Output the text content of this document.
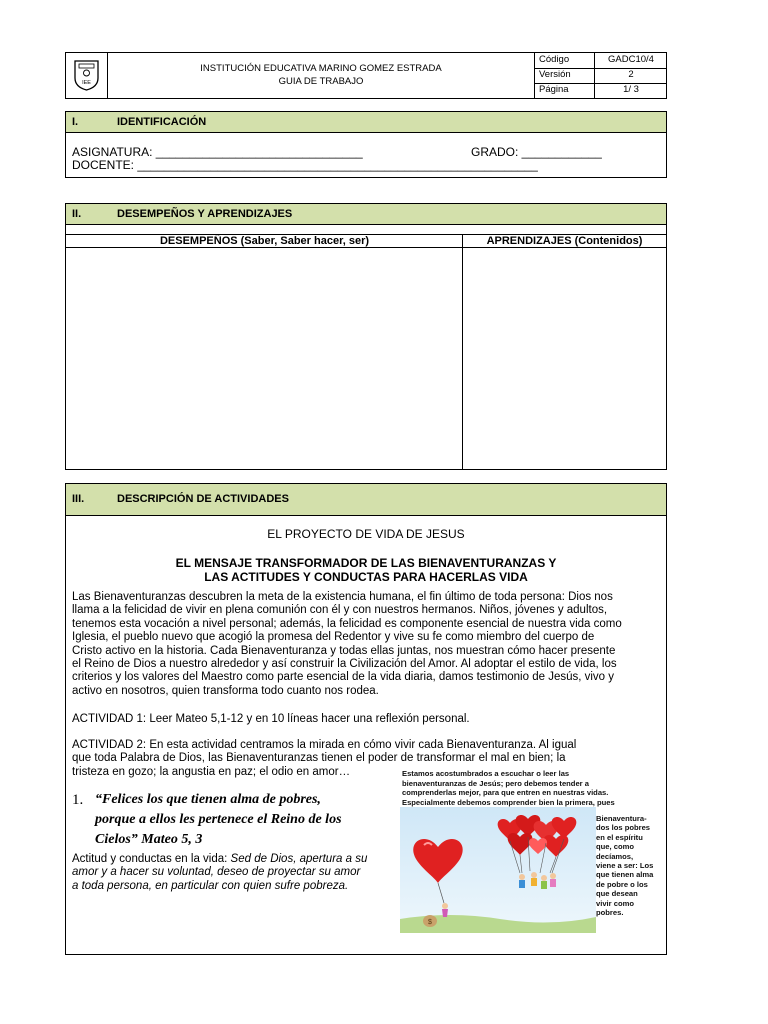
IEE
INSTITUCIÓN EDUCATIVA MARINO GOMEZ ESTRADA
GUIA DE TRABAJO
Código	GADC10/4
Versión	2
Página	1/ 3
I.	IDENTIFICACIÓN
ASIGNATURA: _______________________________	GRADO: ____________
DOCENTE: ____________________________________________________________
II.	DESEMPEÑOS Y APRENDIZAJES
DESEMPEÑOS (Saber, Saber hacer, ser)	APRENDIZAJES (Contenidos)
III.	DESCRIPCIÓN DE ACTIVIDADES
EL PROYECTO DE VIDA DE JESUS
EL MENSAJE TRANSFORMADOR DE LAS BIENAVENTURANZAS Y
LAS ACTITUDES Y CONDUCTAS PARA HACERLAS VIDA
Las Bienaventuranzas descubren la meta de la existencia humana, el fin último de toda persona: Dios nos
llama a la felicidad de vivir en plena comunión con él y con nuestros hermanos. Niños, jóvenes y adultos,
tenemos esta vocación a nivel personal; además, la felicidad es componente esencial de nuestra vida como
Iglesia, el pueblo nuevo que acogió la promesa del Redentor y vive su fe como miembro del cuerpo de
Cristo activo en la historia. Cada Bienaventuranza y todas ellas juntas, nos muestran cómo hacer presente
el Reino de Dios a nuestro alrededor y así construir la Civilización del Amor. Al adoptar el estilo de vida, los
criterios y los valores del Maestro como parte esencial de la vida diaria, damos testimonio de Jesús, vivo y
activo en nosotros, quien transforma todo cuanto nos rodea.
ACTIVIDAD 1: Leer Mateo 5,1-12 y en 10 líneas hacer una reflexión personal.
ACTIVIDAD 2: En esta actividad centramos la mirada en cómo vivir cada Bienaventuranza. Al igual
que toda Palabra de Dios, las Bienaventuranzas tienen el poder de transformar el mal en bien; la
tristeza en gozo; la angustia en paz; el odio en amor…
1. “Felices los que tienen alma de pobres,
porque a ellos les pertenece el Reino de los
Cielos” Mateo 5, 3
Actitud y conductas en la vida: Sed de Dios, apertura a su
amor y a hacer su voluntad, deseo de proyectar su amor
a toda persona, en particular con quien sufre pobreza.
Estamos acostumbrados a escuchar o leer las
bienaventuranzas de Jesús; pero debemos tender a
comprenderlas mejor, para que entren en nuestras vidas.
Especialmente debemos comprender bien la primera, pues
$
Bienaventura-
dos los pobres
en el espíritu
que, como
decíamos,
viene a ser: Los
que tienen alma
de pobre o los
que desean
vivir como
pobres.
